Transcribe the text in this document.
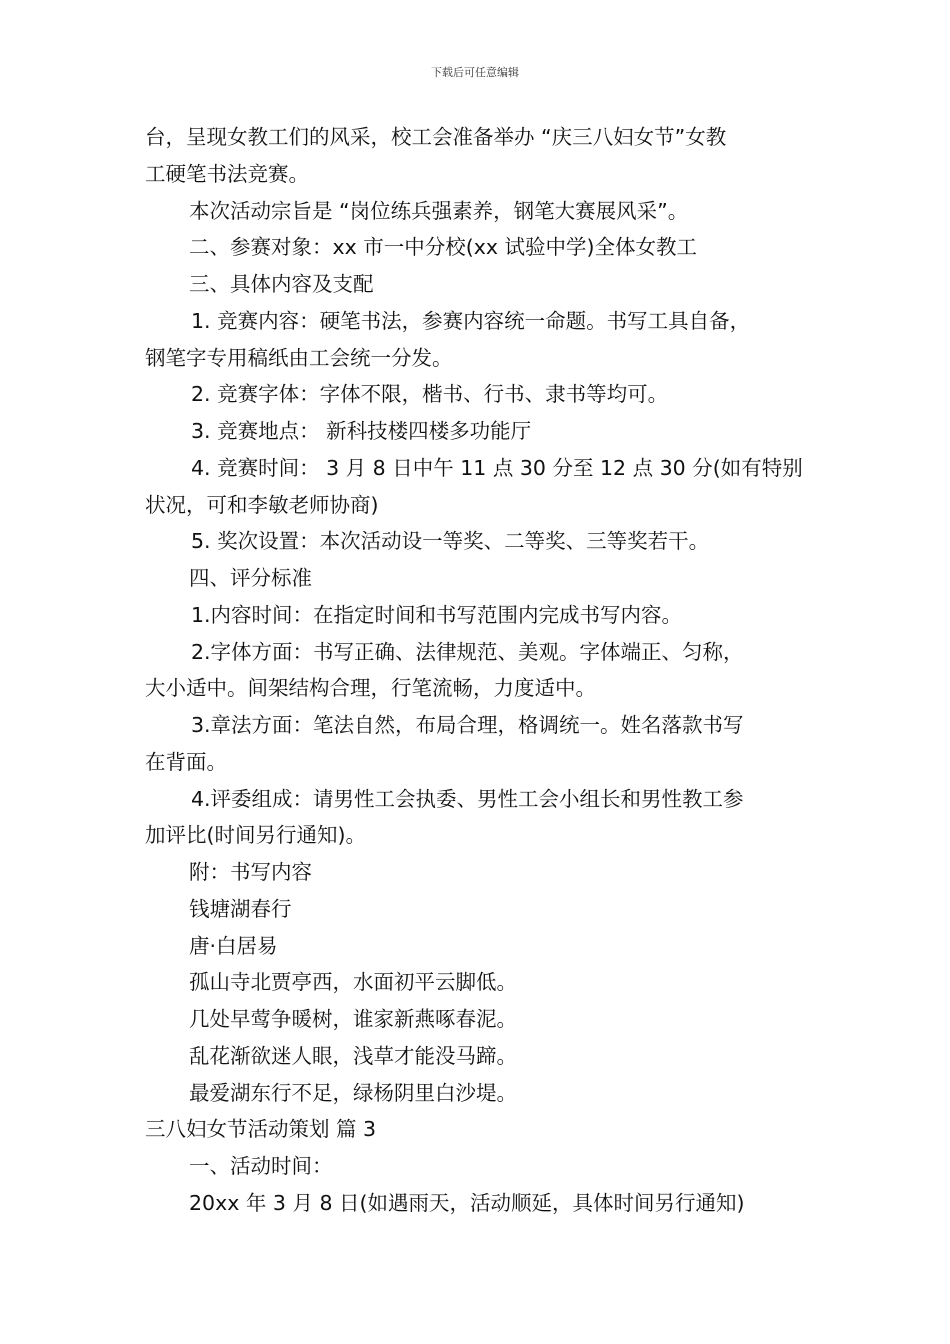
下载后可任意编辑
台，呈现女教工们的风采，校工会准备举办 “庆三八妇女节”女教
工硬笔书法竞赛。
本次活动宗旨是 “岗位练兵强素养，钢笔大赛展风采”。
二、参赛对象：xx 市一中分校(xx 试验中学)全体女教工
三、具体内容及支配
1. 竞赛内容：硬笔书法，参赛内容统一命题。书写工具自备，
钢笔字专用稿纸由工会统一分发。
2. 竞赛字体：字体不限，楷书、行书、隶书等均可。
3. 竞赛地点： 新科技楼四楼多功能厅
4. 竞赛时间： 3 月 8 日中午 11 点 30 分至 12 点 30 分(如有特别
状况，可和李敏老师协商)
5. 奖次设置：本次活动设一等奖、二等奖、三等奖若干。
四、评分标准
1.内容时间：在指定时间和书写范围内完成书写内容。
2.字体方面：书写正确、法律规范、美观。字体端正、匀称，
大小适中。间架结构合理，行笔流畅，力度适中。
3.章法方面：笔法自然，布局合理，格调统一。姓名落款书写
在背面。
4.评委组成：请男性工会执委、男性工会小组长和男性教工参
加评比(时间另行通知)。
附：书写内容
钱塘湖春行
唐·白居易
孤山寺北贾亭西，水面初平云脚低。
几处早莺争暖树，谁家新燕啄春泥。
乱花渐欲迷人眼，浅草才能没马蹄。
最爱湖东行不足，绿杨阴里白沙堤。
三八妇女节活动策划 篇 3
一、活动时间：
20xx 年 3 月 8 日(如遇雨天，活动顺延，具体时间另行通知)
